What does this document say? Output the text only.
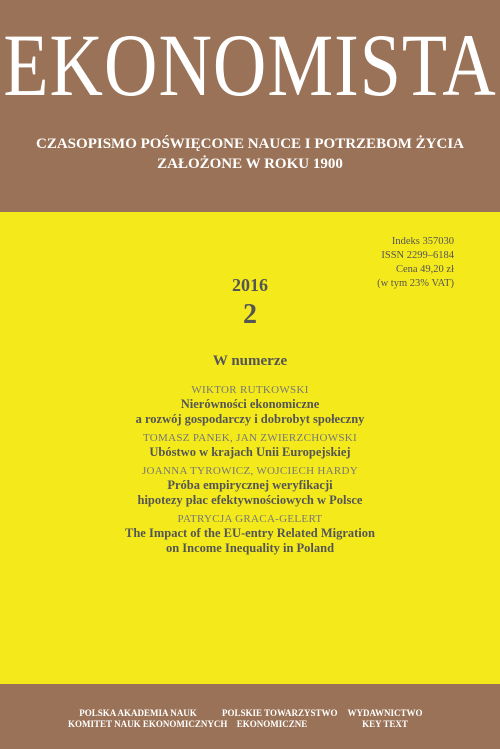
EKONOMISTA
CZASOPISMO POŚWIĘCONE NAUCE I POTRZEBOM ŻYCIA
ZAŁOŻONE W ROKU 1900
Indeks 357030
ISSN 2299–6184
Cena 49,20 zł
(w tym 23% VAT)
2016
2
W numerze
WIKTOR RUTKOWSKI
Nierówności ekonomiczne
a rozwój gospodarczy i dobrobyt społeczny
TOMASZ PANEK, JAN ZWIERZCHOWSKI
Ubóstwo w krajach Unii Europejskiej
JOANNA TYROWICZ, WOJCIECH HARDY
Próba empirycznej weryfikacji
hipotezy płac efektywnościowych w Polsce
PATRYCJA GRACA-GELERT
The Impact of the EU-entry Related Migration
on Income Inequality in Poland
POLSKA AKADEMIA NAUK
KOMITET NAUK EKONOMICZNYCH
POLSKIE TOWARZYSTWO
EKONOMICZNE
WYDAWNICTWO
KEY TEXT
